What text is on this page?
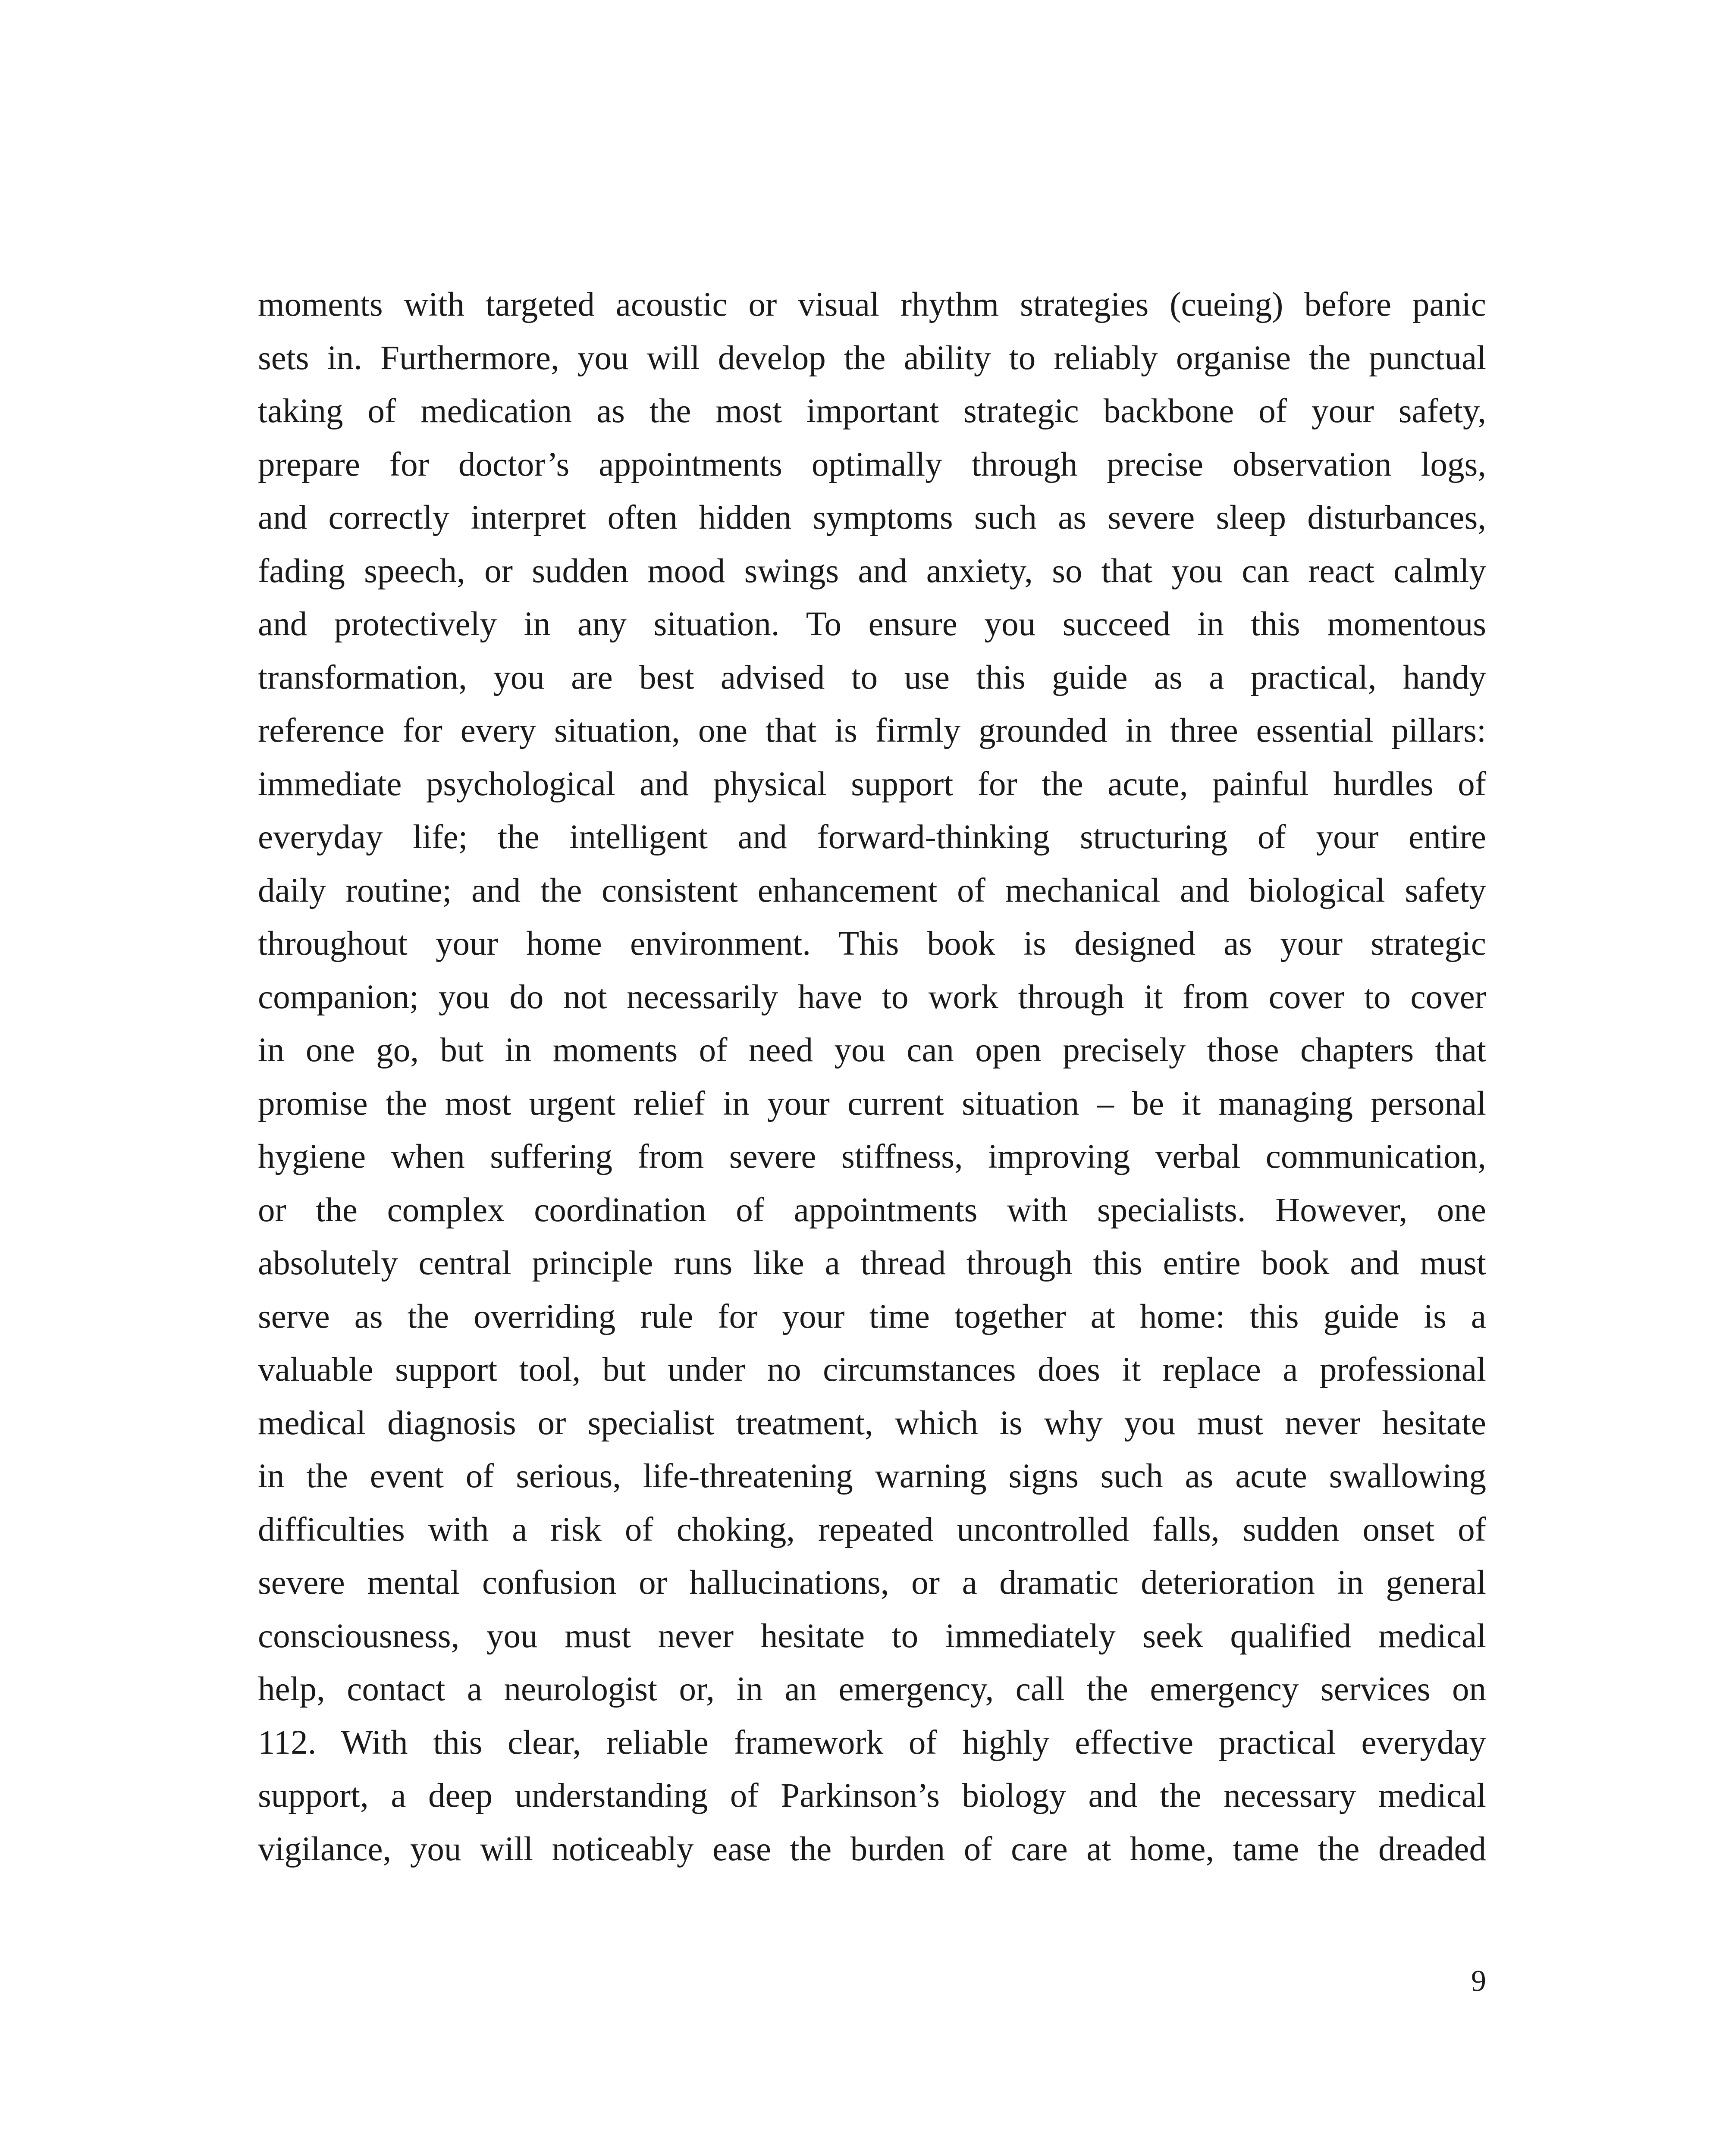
moments with targeted acoustic or visual rhythm strategies (cueing) before panic
sets in. Furthermore, you will develop the ability to reliably organise the punctual
taking of medication as the most important strategic backbone of your safety,
prepare for doctor’s appointments optimally through precise observation logs,
and correctly interpret often hidden symptoms such as severe sleep disturbances,
fading speech, or sudden mood swings and anxiety, so that you can react calmly
and protectively in any situation. To ensure you succeed in this momentous
transformation, you are best advised to use this guide as a practical, handy
reference for every situation, one that is firmly grounded in three essential pillars:
immediate psychological and physical support for the acute, painful hurdles of
everyday life; the intelligent and forward-thinking structuring of your entire
daily routine; and the consistent enhancement of mechanical and biological safety
throughout your home environment. This book is designed as your strategic
companion; you do not necessarily have to work through it from cover to cover
in one go, but in moments of need you can open precisely those chapters that
promise the most urgent relief in your current situation – be it managing personal
hygiene when suffering from severe stiffness, improving verbal communication,
or the complex coordination of appointments with specialists. However, one
absolutely central principle runs like a thread through this entire book and must
serve as the overriding rule for your time together at home: this guide is a
valuable support tool, but under no circumstances does it replace a professional
medical diagnosis or specialist treatment, which is why you must never hesitate
in the event of serious, life-threatening warning signs such as acute swallowing
difficulties with a risk of choking, repeated uncontrolled falls, sudden onset of
severe mental confusion or hallucinations, or a dramatic deterioration in general
consciousness, you must never hesitate to immediately seek qualified medical
help, contact a neurologist or, in an emergency, call the emergency services on
112. With this clear, reliable framework of highly effective practical everyday
support, a deep understanding of Parkinson’s biology and the necessary medical
vigilance, you will noticeably ease the burden of care at home, tame the dreaded
9
